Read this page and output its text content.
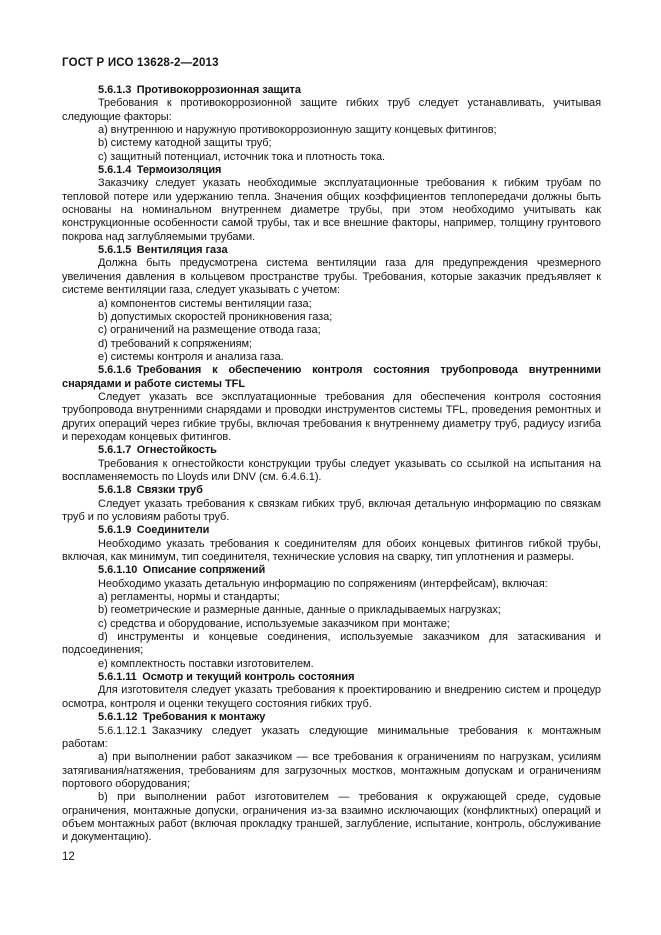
ГОСТ Р ИСО 13628-2—2013

5.6.1.3 Противокоррозионная защита

Требования к противокоррозионной защите гибких труб следует устанавливать, учитывая следующие факторы:

a) внутреннюю и наружную противокоррозионную защиту концевых фитингов;

b) систему катодной защиты труб;

c) защитный потенциал, источник тока и плотность тока.

5.6.1.4 Термоизоляция

Заказчику следует указать необходимые эксплуатационные требования к гибким трубам по тепловой потере или удержанию тепла. Значения общих коэффициентов теплопередачи должны быть основаны на номинальном внутреннем диаметре трубы, при этом необходимо учитывать как конструкционные особенности самой трубы, так и все внешние факторы, например, толщину грунтового покрова над заглубляемыми трубами.

5.6.1.5 Вентиляция газа

Должна быть предусмотрена система вентиляции газа для предупреждения чрезмерного увеличения давления в кольцевом пространстве трубы. Требования, которые заказчик предъявляет к системе вентиляции газа, следует указывать с учетом:

a) компонентов системы вентиляции газа;

b) допустимых скоростей проникновения газа;

c) ограничений на размещение отвода газа;

d) требований к сопряжениям;

e) системы контроля и анализа газа.

5.6.1.6 Требования к обеспечению контроля состояния трубопровода внутренними снарядами и работе системы TFL

Следует указать все эксплуатационные требования для обеспечения контроля состояния трубопровода внутренними снарядами и проводки инструментов системы TFL, проведения ремонтных и других операций через гибкие трубы, включая требования к внутреннему диаметру труб, радиусу изгиба и переходам концевых фитингов.

5.6.1.7 Огнестойкость

Требования к огнестойкости конструкции трубы следует указывать со ссылкой на испытания на воспламеняемость по Lloyds или DNV (см. 6.4.6.1).

5.6.1.8 Связки труб

Следует указать требования к связкам гибких труб, включая детальную информацию по связкам труб и по условиям работы труб.

5.6.1.9 Соединители

Необходимо указать требования к соединителям для обоих концевых фитингов гибкой трубы, включая, как минимум, тип соединителя, технические условия на сварку, тип уплотнения и размеры.

5.6.1.10 Описание сопряжений

Необходимо указать детальную информацию по сопряжениям (интерфейсам), включая:

a) регламенты, нормы и стандарты;

b) геометрические и размерные данные, данные о прикладываемых нагрузках;

c) средства и оборудование, используемые заказчиком при монтаже;

d) инструменты и концевые соединения, используемые заказчиком для затаскивания и подсоединения;

e) комплектность поставки изготовителем.

5.6.1.11 Осмотр и текущий контроль состояния

Для изготовителя следует указать требования к проектированию и внедрению систем и процедур осмотра, контроля и оценки текущего состояния гибких труб.

5.6.1.12 Требования к монтажу

5.6.1.12.1 Заказчику следует указать следующие минимальные требования к монтажным работам:

a) при выполнении работ заказчиком — все требования к ограничениям по нагрузкам, усилиям затягивания/натяжения, требованиям для загрузочных мостков, монтажным допускам и ограничениям портового оборудования;

b) при выполнении работ изготовителем — требования к окружающей среде, судовые ограничения, монтажные допуски, ограничения из-за взаимно исключающих (конфликтных) операций и объем монтажных работ (включая прокладку траншей, заглубление, испытание, контроль, обслуживание и документацию).

12
